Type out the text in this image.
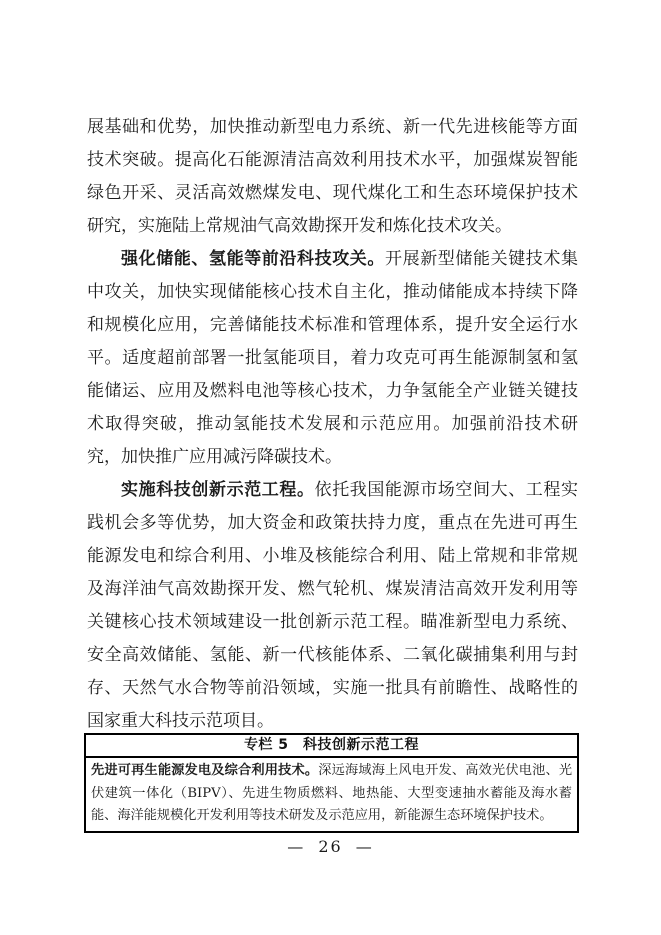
展基础和优势，加快推动新型电力系统、新一代先进核能等方面
技术突破。提高化石能源清洁高效利用技术水平，加强煤炭智能
绿色开采、灵活高效燃煤发电、现代煤化工和生态环境保护技术
研究，实施陆上常规油气高效勘探开发和炼化技术攻关。
强化储能、氢能等前沿科技攻关。开展新型储能关键技术集
中攻关，加快实现储能核心技术自主化，推动储能成本持续下降
和规模化应用，完善储能技术标准和管理体系，提升安全运行水
平。适度超前部署一批氢能项目，着力攻克可再生能源制氢和氢
能储运、应用及燃料电池等核心技术，力争氢能全产业链关键技
术取得突破，推动氢能技术发展和示范应用。加强前沿技术研
究，加快推广应用减污降碳技术。
实施科技创新示范工程。依托我国能源市场空间大、工程实
践机会多等优势，加大资金和政策扶持力度，重点在先进可再生
能源发电和综合利用、小堆及核能综合利用、陆上常规和非常规
及海洋油气高效勘探开发、燃气轮机、煤炭清洁高效开发利用等
关键核心技术领域建设一批创新示范工程。瞄准新型电力系统、
安全高效储能、氢能、新一代核能体系、二氧化碳捕集利用与封
存、天然气水合物等前沿领域，实施一批具有前瞻性、战略性的
国家重大科技示范项目。
专栏 5　科技创新示范工程
先进可再生能源发电及综合利用技术。深远海域海上风电开发、高效光伏电池、光
伏建筑一体化（BIPV）、先进生物质燃料、地热能、大型变速抽水蓄能及海水蓄
能、海洋能规模化开发利用等技术研发及示范应用，新能源生态环境保护技术。
— 26 —
